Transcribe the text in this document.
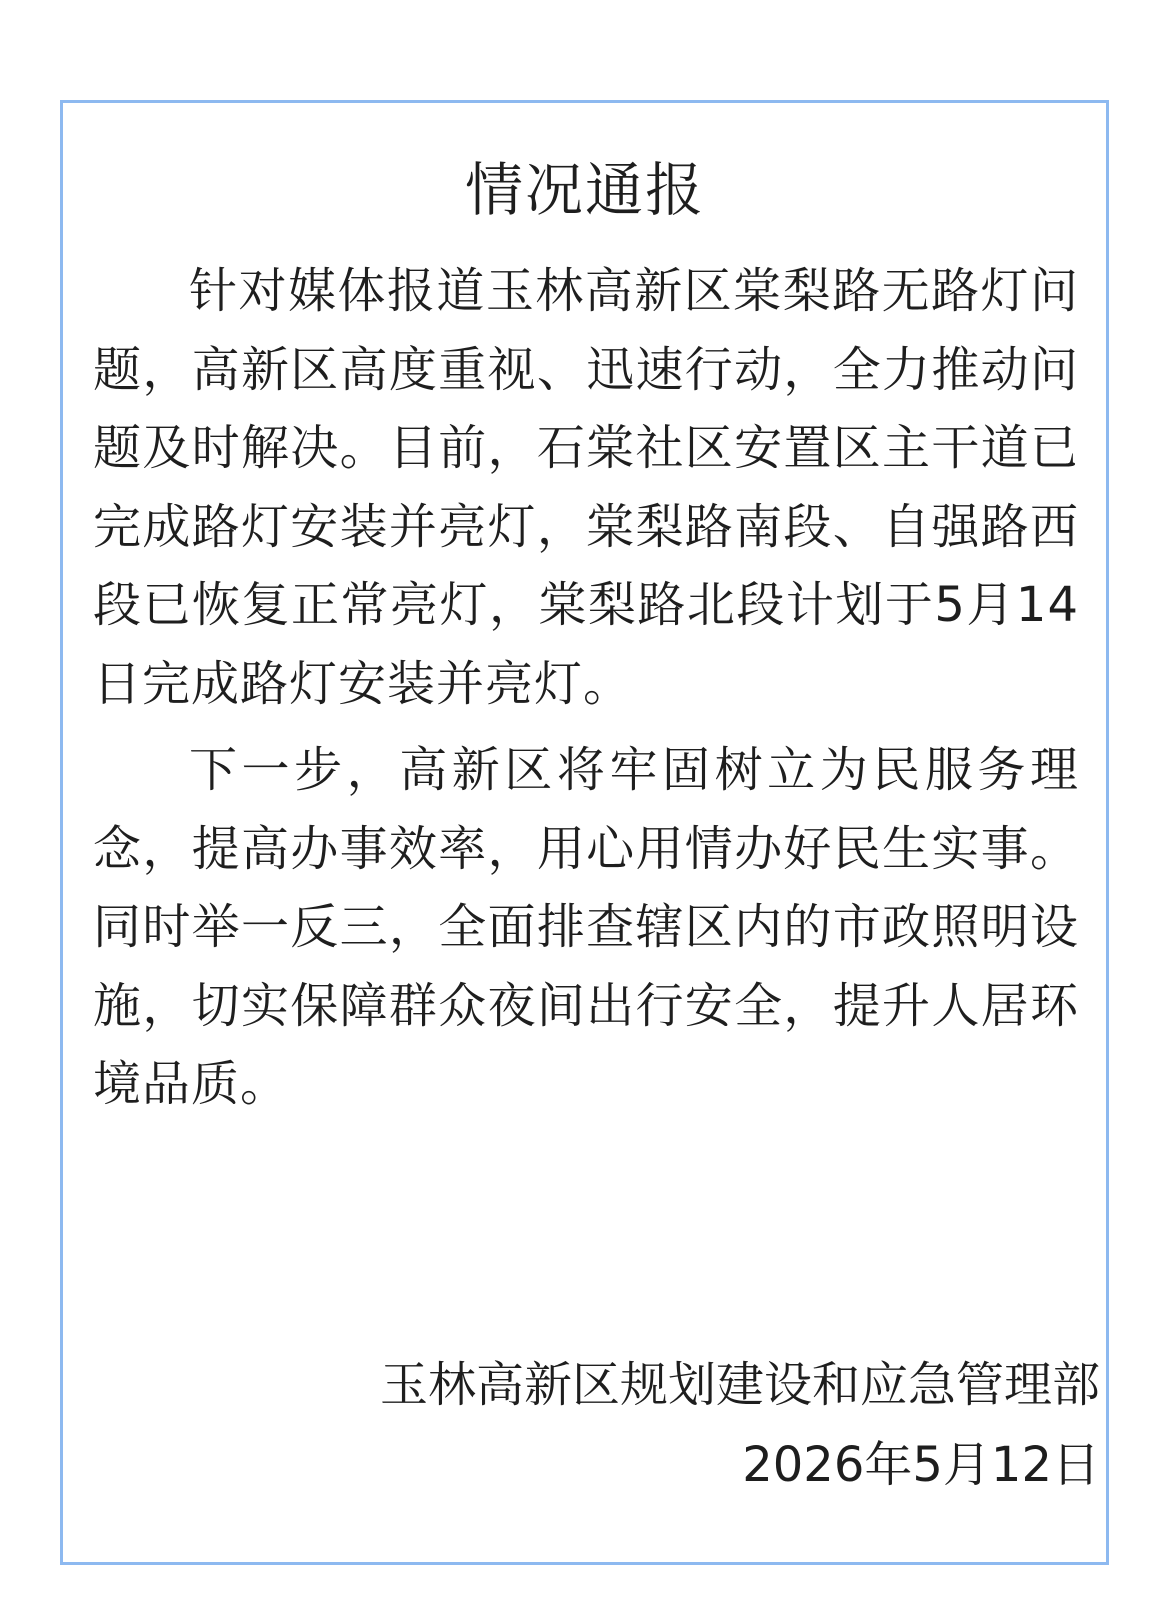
情况通报

针对媒体报道玉林高新区棠梨路无路灯问题，高新区高度重视、迅速行动，全力推动问题及时解决。目前，石棠社区安置区主干道已完成路灯安装并亮灯，棠梨路南段、自强路西段已恢复正常亮灯，棠梨路北段计划于5月14日完成路灯安装并亮灯。

下一步，高新区将牢固树立为民服务理念，提高办事效率，用心用情办好民生实事。同时举一反三，全面排查辖区内的市政照明设施，切实保障群众夜间出行安全，提升人居环境品质。

玉林高新区规划建设和应急管理部
2026年5月12日
